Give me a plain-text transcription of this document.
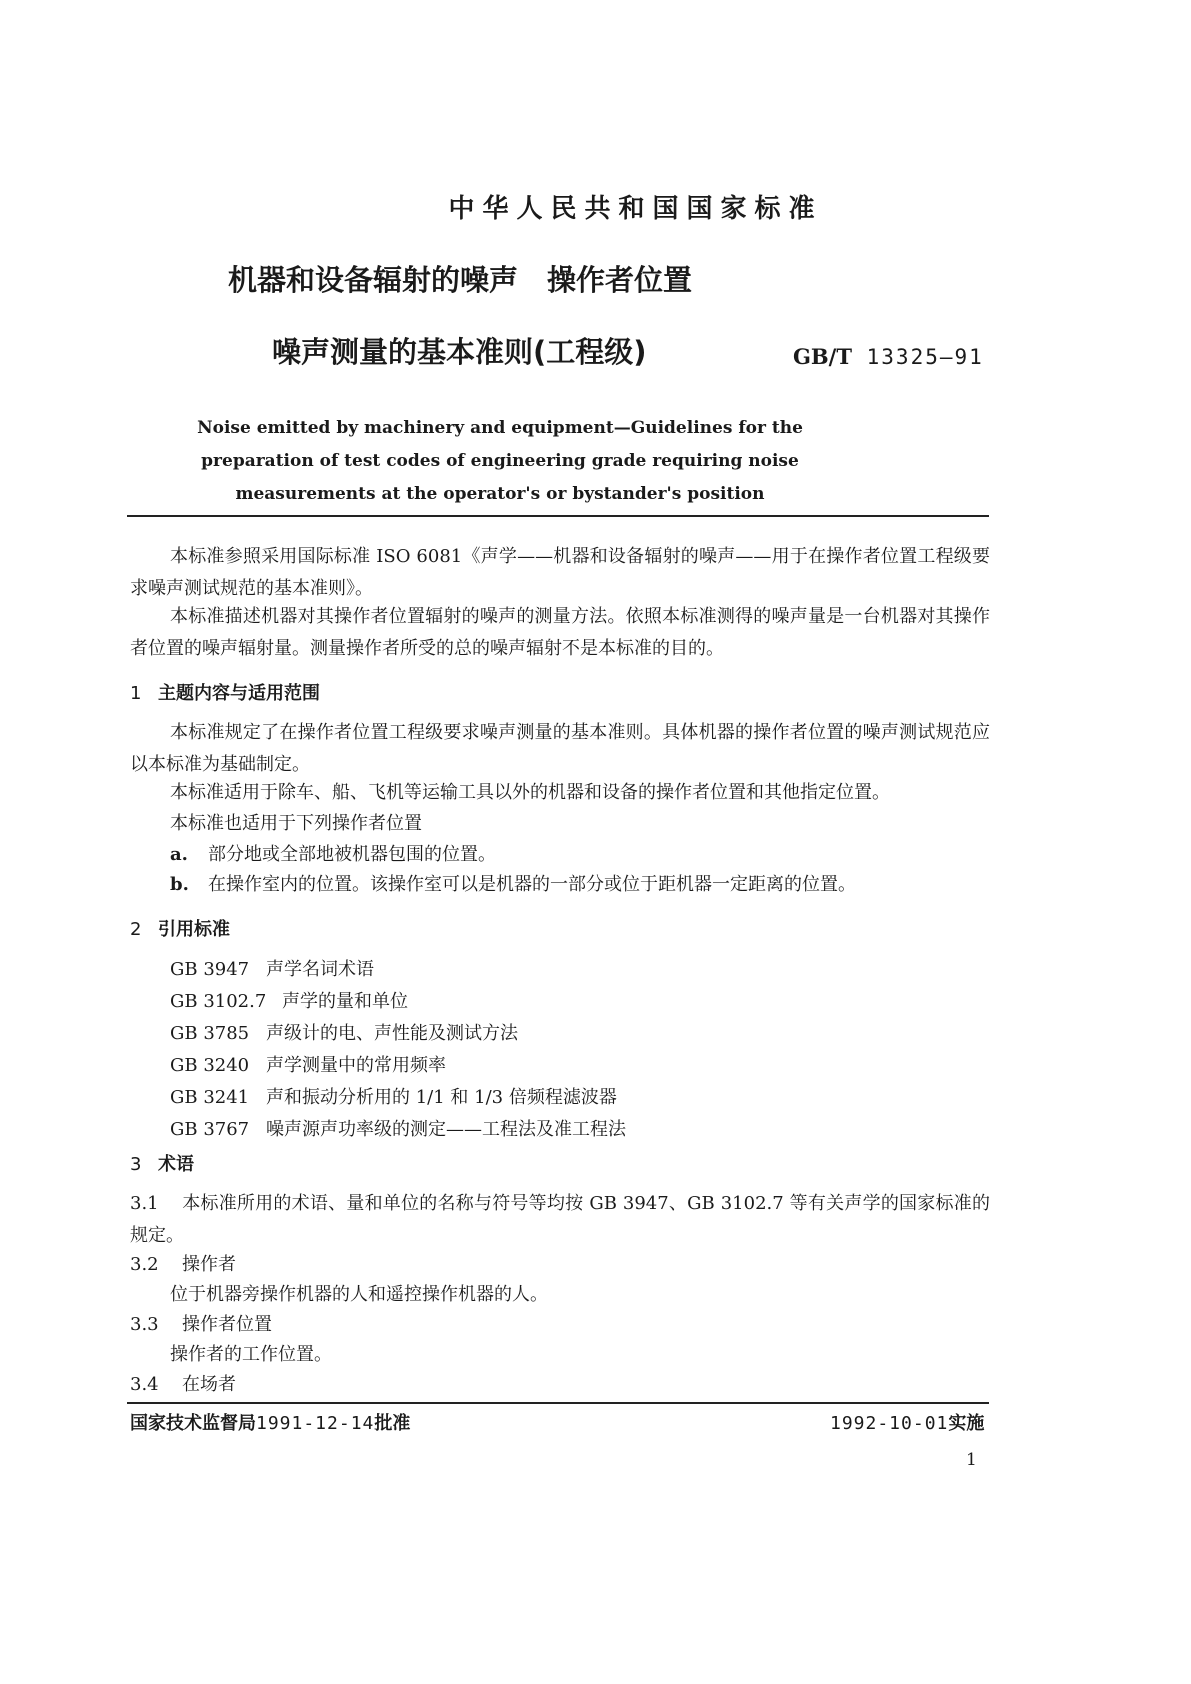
中华人民共和国国家标准
机器和设备辐射的噪声　操作者位置
噪声测量的基本准则(工程级)	GB/T 13325—91
Noise emitted by machinery and equipment—Guidelines for the
preparation of test codes of engineering grade requiring noise
measurements at the operator's or bystander's position
本标准参照采用国际标准 ISO 6081《声学——机器和设备辐射的噪声——用于在操作者位置工程级要求噪声测试规范的基本准则》。
本标准描述机器对其操作者位置辐射的噪声的测量方法。依照本标准测得的噪声量是一台机器对其操作者位置的噪声辐射量。测量操作者所受的总的噪声辐射不是本标准的目的。
1 主题内容与适用范围
本标准规定了在操作者位置工程级要求噪声测量的基本准则。具体机器的操作者位置的噪声测试规范应以本标准为基础制定。
本标准适用于除车、船、飞机等运输工具以外的机器和设备的操作者位置和其他指定位置。
本标准也适用于下列操作者位置
a. 部分地或全部地被机器包围的位置。
b. 在操作室内的位置。该操作室可以是机器的一部分或位于距机器一定距离的位置。
2 引用标准
GB 3947 声学名词术语
GB 3102.7 声学的量和单位
GB 3785 声级计的电、声性能及测试方法
GB 3240 声学测量中的常用频率
GB 3241 声和振动分析用的 1/1 和 1/3 倍频程滤波器
GB 3767 噪声源声功率级的测定——工程法及准工程法
3 术语
3.1 本标准所用的术语、量和单位的名称与符号等均按 GB 3947、GB 3102.7 等有关声学的国家标准的规定。
3.2 操作者
位于机器旁操作机器的人和遥控操作机器的人。
3.3 操作者位置
操作者的工作位置。
3.4 在场者
国家技术监督局1991-12-14批准	1992-10-01实施
1
